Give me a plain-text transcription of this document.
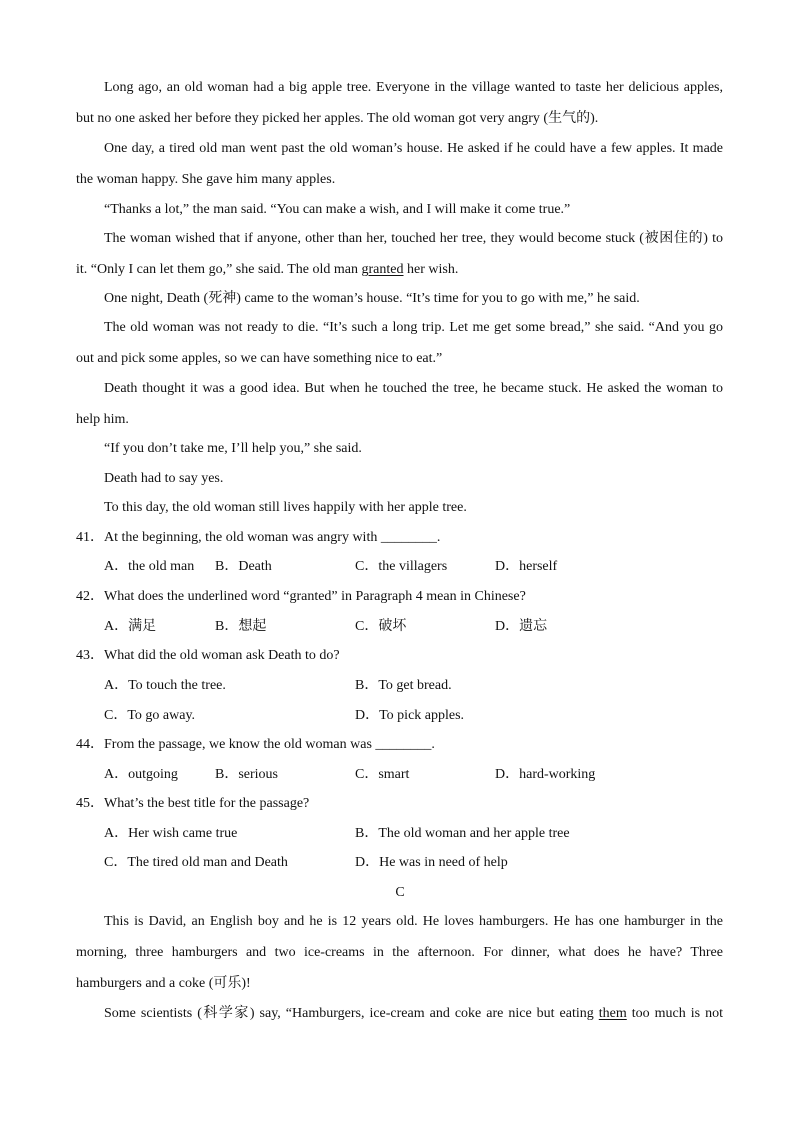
Long ago, an old woman had a big apple tree. Everyone in the village wanted to taste her delicious apples,
but no one asked her before they picked her apples. The old woman got very angry (生气的).
One day, a tired old man went past the old woman’s house. He asked if he could have a few apples. It made
the woman happy. She gave him many apples.
“Thanks a lot,” the man said. “You can make a wish, and I will make it come true.”
The woman wished that if anyone, other than her, touched her tree, they would become stuck (被困住的) to
it. “Only I can let them go,” she said. The old man granted her wish.
One night, Death (死神) came to the woman’s house. “It’s time for you to go with me,” he said.
The old woman was not ready to die. “It’s such a long trip. Let me get some bread,” she said. “And you go
out and pick some apples, so we can have something nice to eat.”
Death thought it was a good idea. But when he touched the tree, he became stuck. He asked the woman to
help him.
“If you don’t take me, I’ll help you,” she said.
Death had to say yes.
To this day, the old woman still lives happily with her apple tree.
41．At the beginning, the old woman was angry with ________.
A．the old man B．Death	C．the villagers	D．herself
42．What does the underlined word “granted” in Paragraph 4 mean in Chinese?
A．满足	B．想起	C．破坏	D．遗忘
43．What did the old woman ask Death to do?
A．To touch the tree.	B．To get bread.
C．To go away.	D．To pick apples.
44．From the passage, we know the old woman was ________.
A．outgoing	B．serious	C．smart	D．hard-working
45．What’s the best title for the passage?
A．Her wish came true	B．The old woman and her apple tree
C．The tired old man and Death	D．He was in need of help
C
This is David, an English boy and he is 12 years old. He loves hamburgers. He has one hamburger in the
morning, three hamburgers and two ice-creams in the afternoon. For dinner, what does he have? Three
hamburgers and a coke (可乐)!
Some scientists (科学家) say, “Hamburgers, ice-cream and coke are nice but eating them too much is not
